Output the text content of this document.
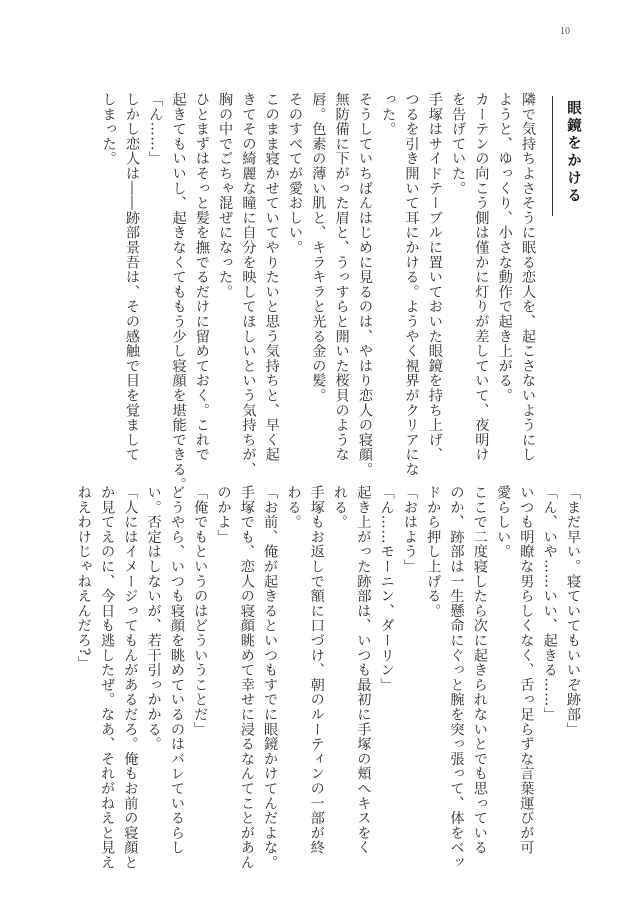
10
眼鏡をかける
隣で気持ちよさそうに眠る恋人を、起こさないようにし
ようと、ゆっくり、小さな動作で起き上がる。
カーテンの向こう側は僅かに灯りが差していて、夜明け
を告げていた。
手塚はサイドテーブルに置いておいた眼鏡を持ち上げ、
つるを引き開いて耳にかける。ようやく視界がクリアにな
った。
そうしていちばんはじめに見るのは、やはり恋人の寝顔。
無防備に下がった眉と、うっすらと開いた桜貝のような
唇。色素の薄い肌と、キラキラと光る金の髪。
そのすべてが愛おしい。
このまま寝かせていてやりたいと思う気持ちと、早く起
きてその綺麗な瞳に自分を映してほしいという気持ちが、
胸の中でごちゃ混ぜになった。
ひとまずはそっと髪を撫でるだけに留めておく。これで
起きてもいいし、起きなくてももう少し寝顔を堪能できる。
「ん……」
しかし恋人は――跡部景吾は、その感触で目を覚まして
しまった。
「まだ早い。寝ていてもいいぞ跡部」
「ん、いや……いい、起きる……」
いつも明瞭な男らしくなく、舌っ足らずな言葉運びが可
愛らしい。
ここで二度寝したら次に起きられないとでも思っている
のか、跡部は一生懸命にぐっと腕を突っ張って、体をベッ
ドから押し上げる。
「おはよう」
「ん……モーニン、ダーリン」
起き上がった跡部は、いつも最初に手塚の頬へキスをく
れる。
手塚もお返しで額に口づけ、朝のルーティンの一部が終
わる。
「お前、俺が起きるといつもすでに眼鏡かけてんだよな。
手塚でも、恋人の寝顔眺めて幸せに浸るなんてことがあん
のかよ」
「俺でもというのはどういうことだ」
どうやら、いつも寝顔を眺めているのはバレているらし
い。否定はしないが、若干引っかかる。
「人にはイメージってもんがあるだろ。俺もお前の寝顔と
か見てえのに、今日も逃したぜ。なあ、それがねえと見え
ねえわけじゃねえんだろ?」
